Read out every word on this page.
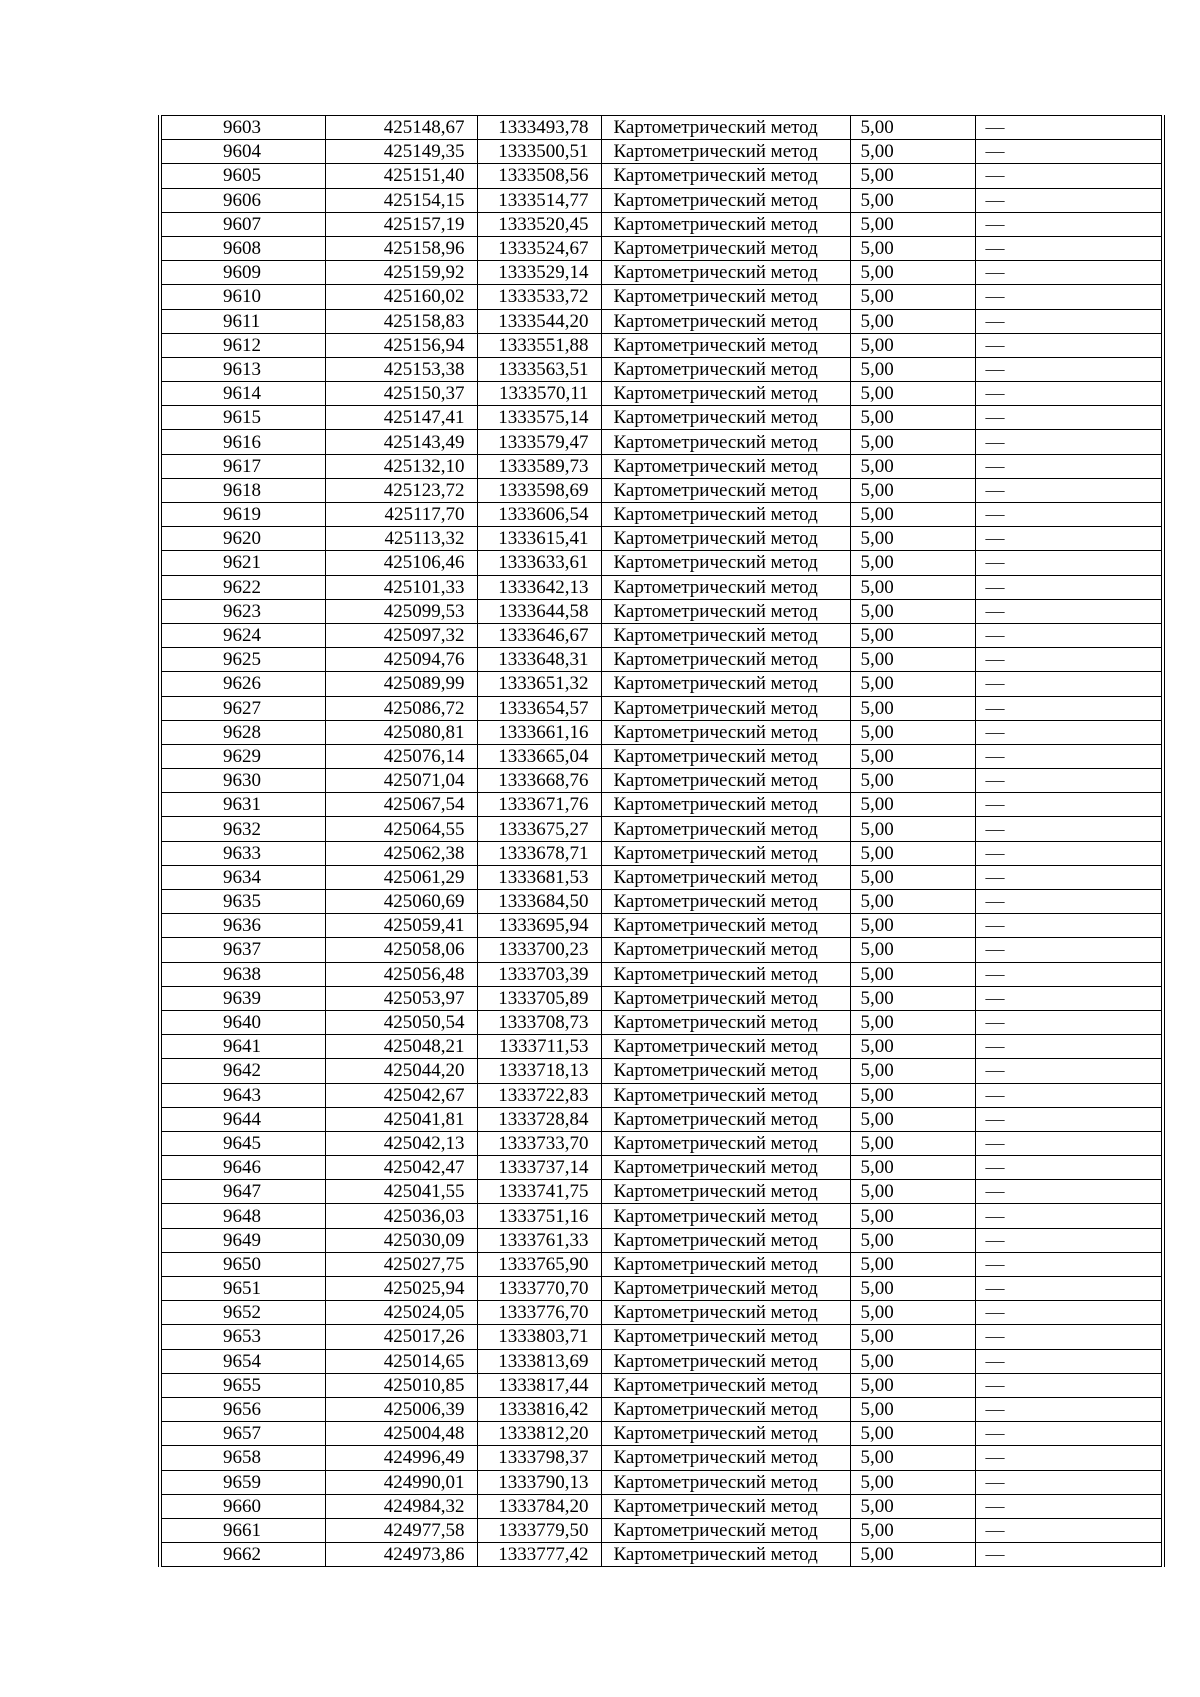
9603	425148,67	1333493,78	Картометрический метод	5,00	—
9604	425149,35	1333500,51	Картометрический метод	5,00	—
9605	425151,40	1333508,56	Картометрический метод	5,00	—
9606	425154,15	1333514,77	Картометрический метод	5,00	—
9607	425157,19	1333520,45	Картометрический метод	5,00	—
9608	425158,96	1333524,67	Картометрический метод	5,00	—
9609	425159,92	1333529,14	Картометрический метод	5,00	—
9610	425160,02	1333533,72	Картометрический метод	5,00	—
9611	425158,83	1333544,20	Картометрический метод	5,00	—
9612	425156,94	1333551,88	Картометрический метод	5,00	—
9613	425153,38	1333563,51	Картометрический метод	5,00	—
9614	425150,37	1333570,11	Картометрический метод	5,00	—
9615	425147,41	1333575,14	Картометрический метод	5,00	—
9616	425143,49	1333579,47	Картометрический метод	5,00	—
9617	425132,10	1333589,73	Картометрический метод	5,00	—
9618	425123,72	1333598,69	Картометрический метод	5,00	—
9619	425117,70	1333606,54	Картометрический метод	5,00	—
9620	425113,32	1333615,41	Картометрический метод	5,00	—
9621	425106,46	1333633,61	Картометрический метод	5,00	—
9622	425101,33	1333642,13	Картометрический метод	5,00	—
9623	425099,53	1333644,58	Картометрический метод	5,00	—
9624	425097,32	1333646,67	Картометрический метод	5,00	—
9625	425094,76	1333648,31	Картометрический метод	5,00	—
9626	425089,99	1333651,32	Картометрический метод	5,00	—
9627	425086,72	1333654,57	Картометрический метод	5,00	—
9628	425080,81	1333661,16	Картометрический метод	5,00	—
9629	425076,14	1333665,04	Картометрический метод	5,00	—
9630	425071,04	1333668,76	Картометрический метод	5,00	—
9631	425067,54	1333671,76	Картометрический метод	5,00	—
9632	425064,55	1333675,27	Картометрический метод	5,00	—
9633	425062,38	1333678,71	Картометрический метод	5,00	—
9634	425061,29	1333681,53	Картометрический метод	5,00	—
9635	425060,69	1333684,50	Картометрический метод	5,00	—
9636	425059,41	1333695,94	Картометрический метод	5,00	—
9637	425058,06	1333700,23	Картометрический метод	5,00	—
9638	425056,48	1333703,39	Картометрический метод	5,00	—
9639	425053,97	1333705,89	Картометрический метод	5,00	—
9640	425050,54	1333708,73	Картометрический метод	5,00	—
9641	425048,21	1333711,53	Картометрический метод	5,00	—
9642	425044,20	1333718,13	Картометрический метод	5,00	—
9643	425042,67	1333722,83	Картометрический метод	5,00	—
9644	425041,81	1333728,84	Картометрический метод	5,00	—
9645	425042,13	1333733,70	Картометрический метод	5,00	—
9646	425042,47	1333737,14	Картометрический метод	5,00	—
9647	425041,55	1333741,75	Картометрический метод	5,00	—
9648	425036,03	1333751,16	Картометрический метод	5,00	—
9649	425030,09	1333761,33	Картометрический метод	5,00	—
9650	425027,75	1333765,90	Картометрический метод	5,00	—
9651	425025,94	1333770,70	Картометрический метод	5,00	—
9652	425024,05	1333776,70	Картометрический метод	5,00	—
9653	425017,26	1333803,71	Картометрический метод	5,00	—
9654	425014,65	1333813,69	Картометрический метод	5,00	—
9655	425010,85	1333817,44	Картометрический метод	5,00	—
9656	425006,39	1333816,42	Картометрический метод	5,00	—
9657	425004,48	1333812,20	Картометрический метод	5,00	—
9658	424996,49	1333798,37	Картометрический метод	5,00	—
9659	424990,01	1333790,13	Картометрический метод	5,00	—
9660	424984,32	1333784,20	Картометрический метод	5,00	—
9661	424977,58	1333779,50	Картометрический метод	5,00	—
9662	424973,86	1333777,42	Картометрический метод	5,00	—
